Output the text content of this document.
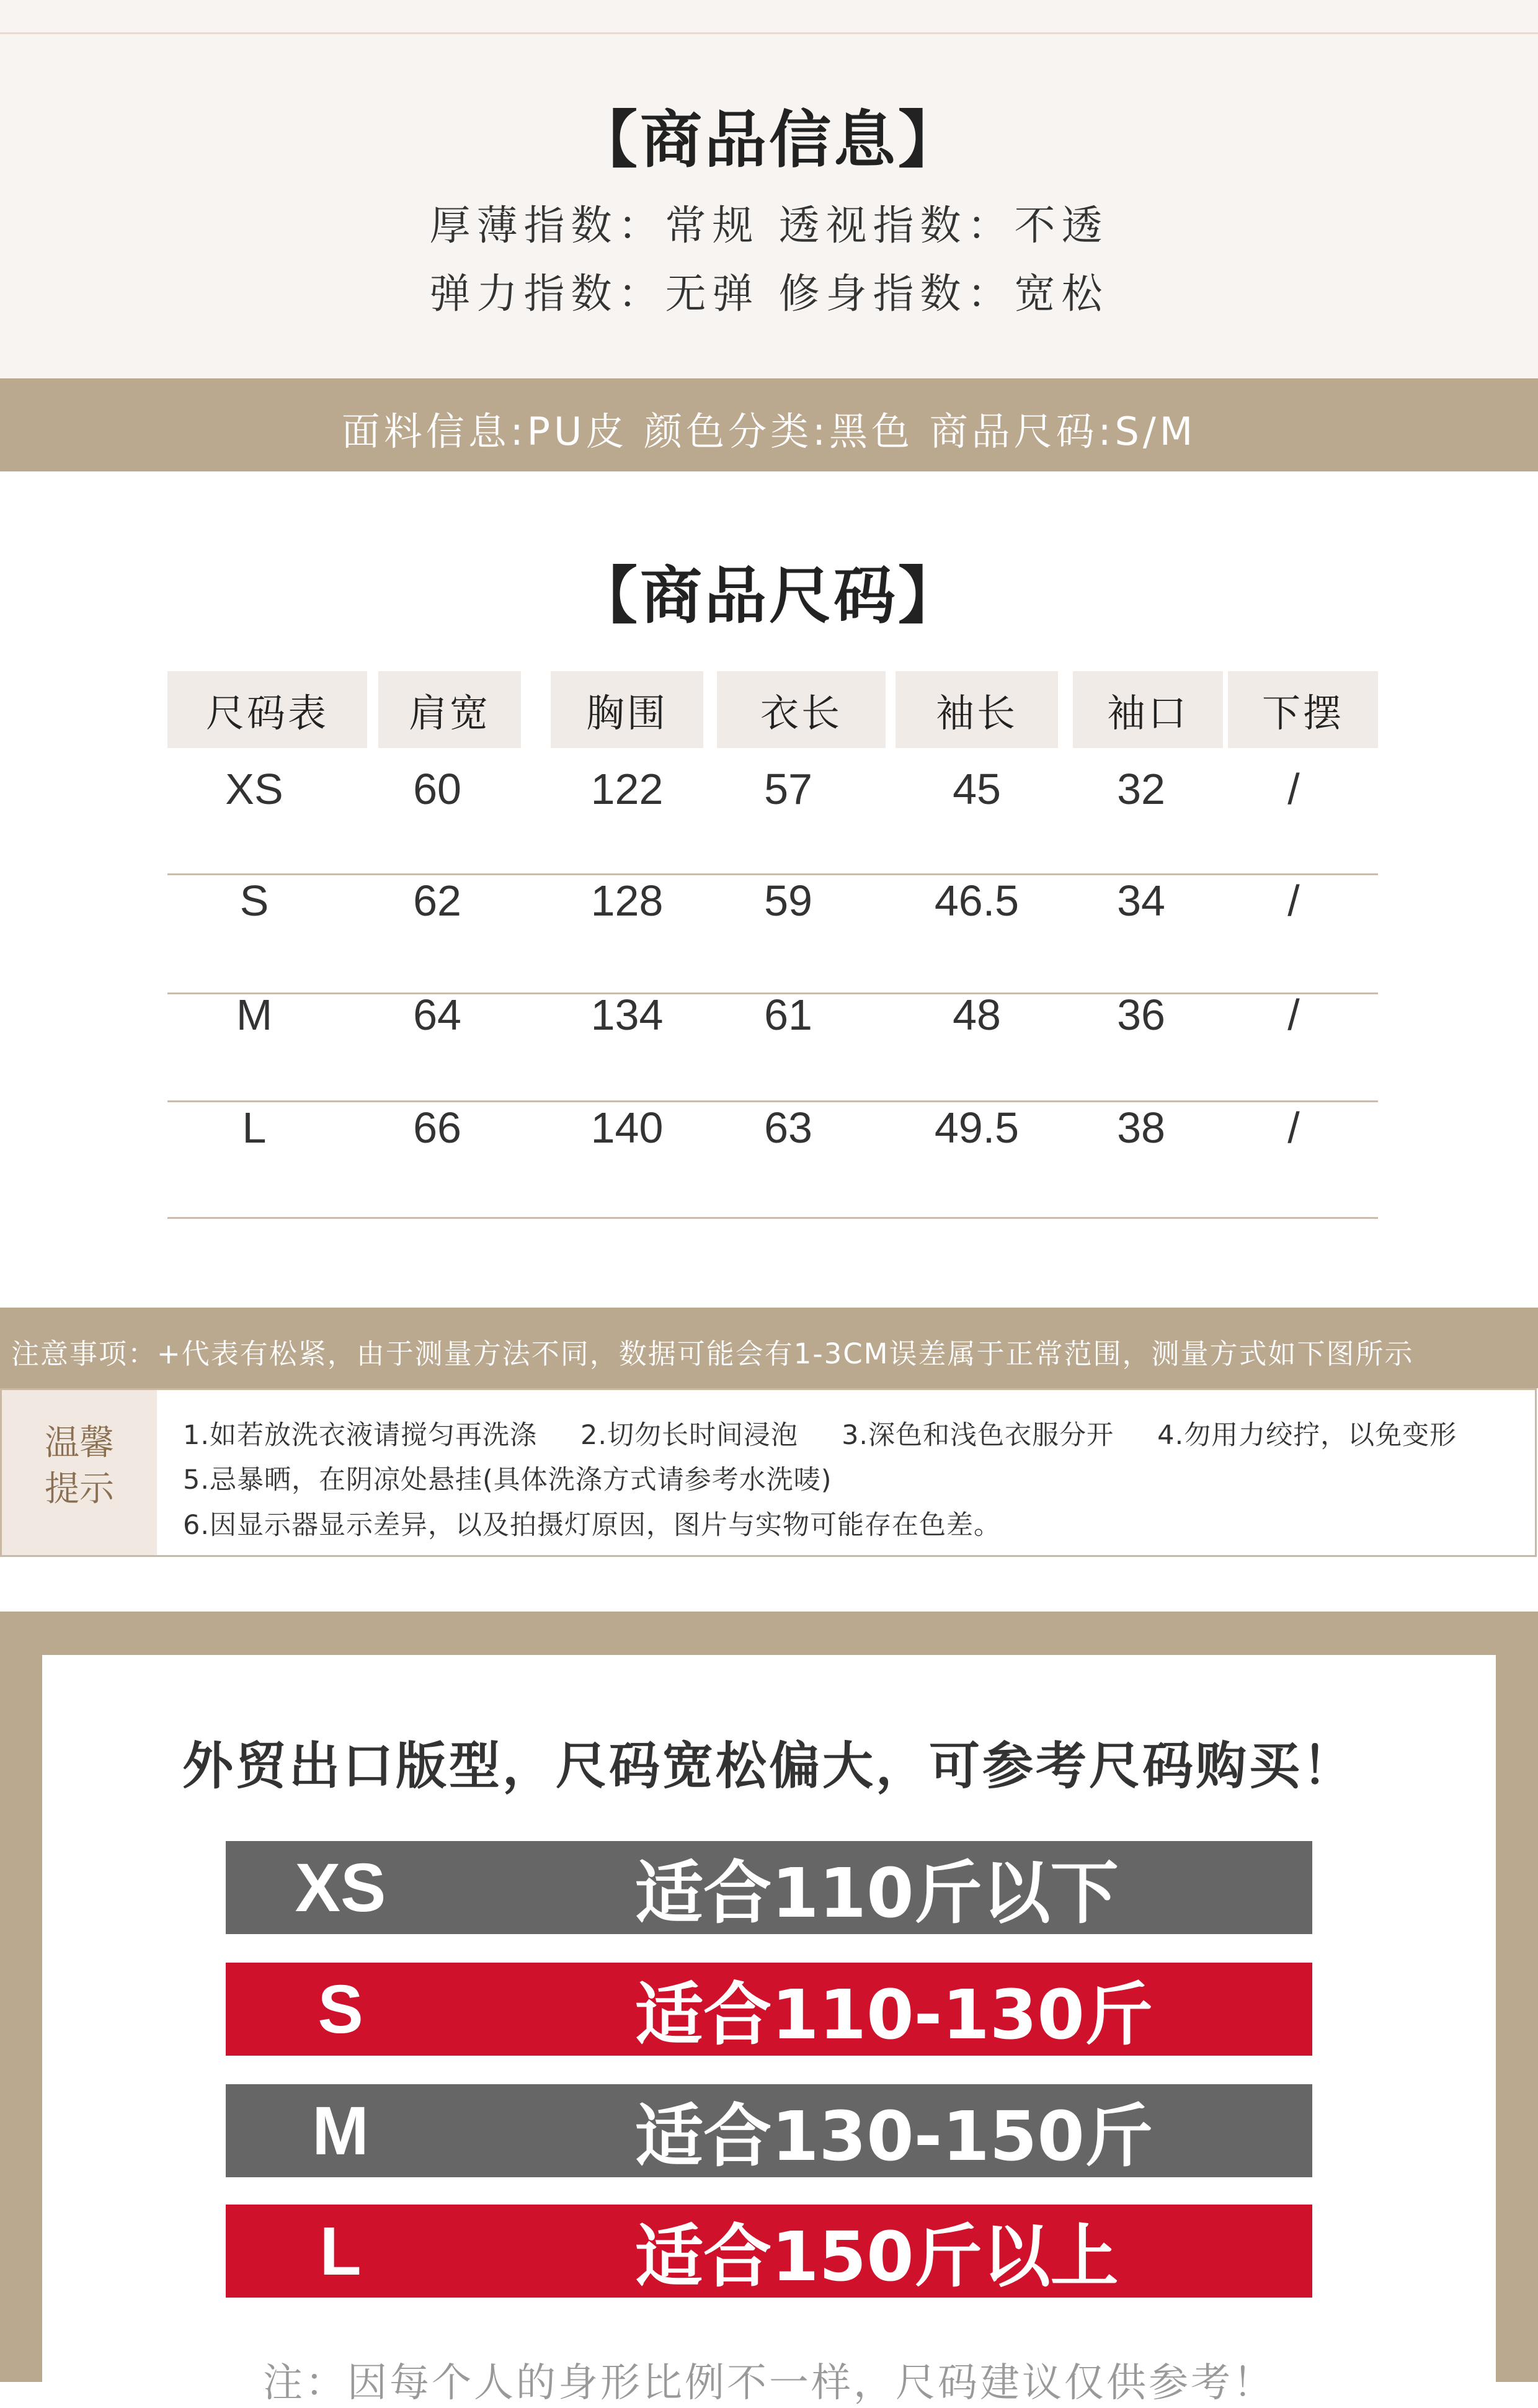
【商品信息】
厚薄指数：常规 透视指数：不透
弹力指数：无弹 修身指数：宽松
面料信息:PU皮 颜色分类:黑色 商品尺码:S/M
【商品尺码】
尺码表	肩宽	胸围	衣长	袖长	袖口	下摆
XS	60	122	57	45	32	/
S	62	128	59	46.5	34	/
M	64	134	61	48	36	/
L	66	140	63	49.5	38	/
注意事项：+代表有松紧，由于测量方法不同，数据可能会有1-3CM误差属于正常范围，测量方式如下图所示
温馨
提示
1.如若放洗衣液请搅匀再洗涤 2.切勿长时间浸泡 3.深色和浅色衣服分开 4.勿用力绞拧，以免变形
5.忌暴晒，在阴凉处悬挂(具体洗涤方式请参考水洗唛)
6.因显示器显示差异，以及拍摄灯原因，图片与实物可能存在色差。
外贸出口版型，尺码宽松偏大，可参考尺码购买！
XS	适合110斤以下
S	适合110-130斤
M	适合130-150斤
L	适合150斤以上
注：因每个人的身形比例不一样，尺码建议仅供参考！
